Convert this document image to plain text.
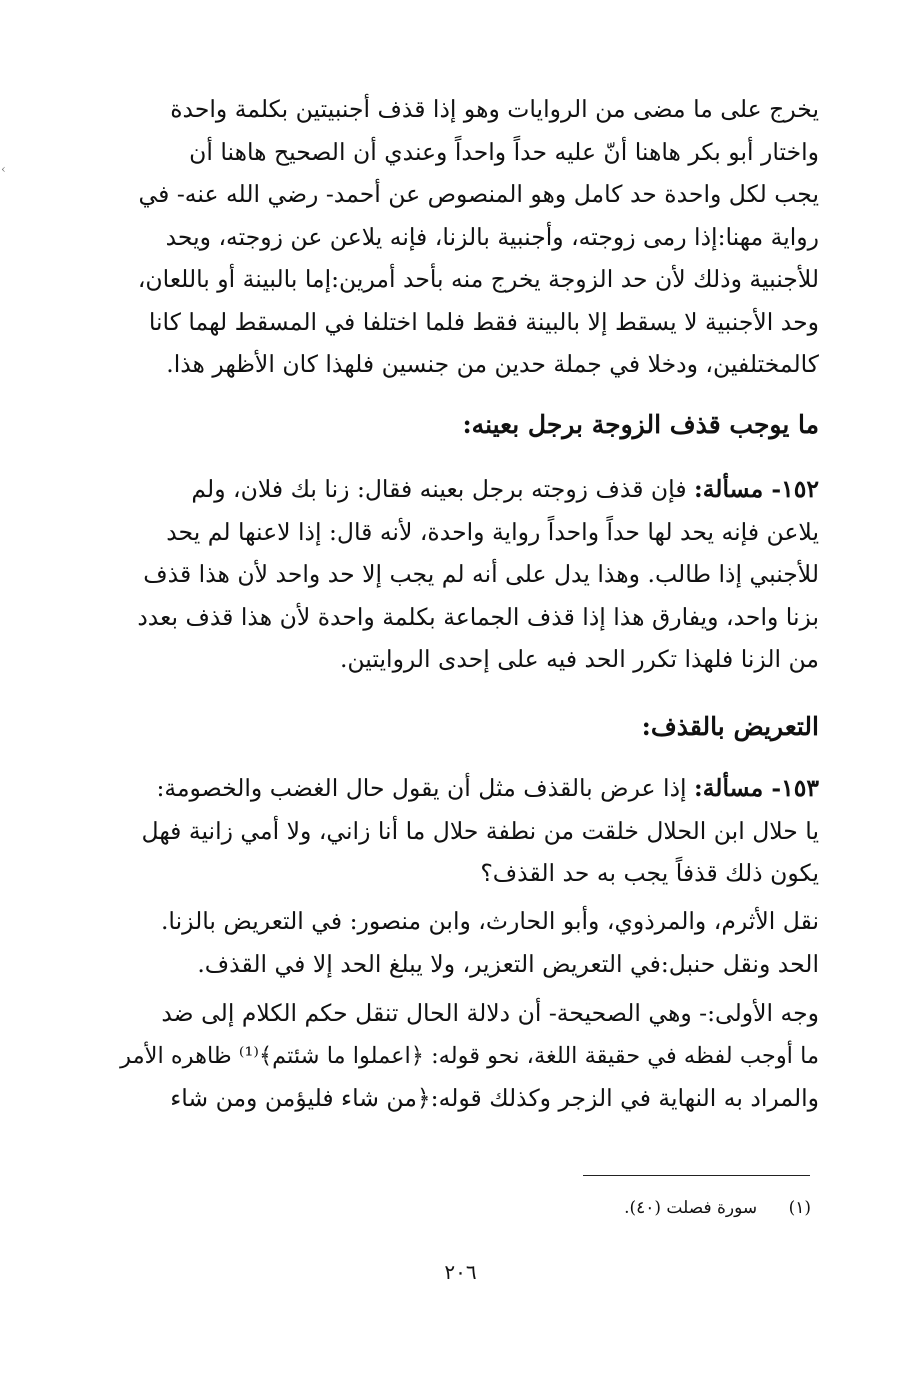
‹
يخرج على ما مضى من الروايات وهو إذا قذف أجنبيتين بكلمة واحدة
واختار أبو بكر هاهنا أنّ عليه حداً واحداً وعندي أن الصحيح هاهنا أن
يجب لكل واحدة حد كامل وهو المنصوص عن أحمد- رضي الله عنه- في
رواية مهنا:إذا رمى زوجته، وأجنبية بالزنا، فإنه يلاعن عن زوجته، ويحد
للأجنبية وذلك لأن حد الزوجة يخرج منه بأحد أمرين:إما بالبينة أو باللعان،
وحد الأجنبية لا يسقط إلا بالبينة فقط فلما اختلفا في المسقط لهما كانا
كالمختلفين، ودخلا في جملة حدين من جنسين فلهذا كان الأظهر هذا.
ما يوجب قذف الزوجة برجل بعينه:
١٥٢- مسألة: فإن قذف زوجته برجل بعينه فقال: زنا بك فلان، ولم
يلاعن فإنه يحد لها حداً واحداً رواية واحدة، لأنه قال: إذا لاعنها لم يحد
للأجنبي إذا طالب. وهذا يدل على أنه لم يجب إلا حد واحد لأن هذا قذف
بزنا واحد، ويفارق هذا إذا قذف الجماعة بكلمة واحدة لأن هذا قذف بعدد
من الزنا فلهذا تكرر الحد فيه على إحدى الروايتين.
التعريض بالقذف:
١٥٣- مسألة: إذا عرض بالقذف مثل أن يقول حال الغضب والخصومة:
يا حلال ابن الحلال خلقت من نطفة حلال ما أنا زاني، ولا أمي زانية فهل
يكون ذلك قذفاً يجب به حد القذف؟
نقل الأثرم، والمرذوي، وأبو الحارث، وابن منصور: في التعريض بالزنا.
الحد ونقل حنبل:في التعريض التعزير، ولا يبلغ الحد إلا في القذف.
وجه الأولى:- وهي الصحيحة- أن دلالة الحال تنقل حكم الكلام إلى ضد
ما أوجب لفظه في حقيقة اللغة، نحو قوله: ﴿اعملوا ما شئتم﴾⁽¹⁾ ظاهره الأمر
والمراد به النهاية في الزجر وكذلك قوله:﴿من شاء فليؤمن ومن شاء
(١) سورة فصلت (٤٠).
٢٠٦
